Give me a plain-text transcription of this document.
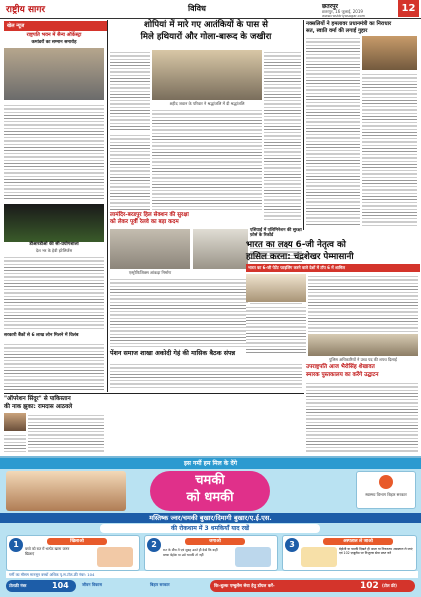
राष्ट्रीय सागर	विविध	छतरपुर
छतरपुर, 16 जुलाई, 2019
www.rashtriyasagar.com
12
खेल न्यूज
राष्ट्रपति भवन में सैन्य ऑर्केस्ट्रा
कमांडरों का सम्मान समारोह
डीआरडीओ की सी-प्रयोगशाला
देश भर के हेवी इंटेलिजेंस
सरकारी बैंकों से 6 लाख लोन मिलने में विलंब
शोपियां में मारे गए आतंकियों के पास से
मिले हथियारों और गोला-बारूद के जखीरा
शहीद जवान के परिवार ने श्रद्धांजलि में दी श्रद्धांजलि
लामंदिर-बरडपुर हिल सेक्शन की सुरक्षा
को लेकर पूर्वी रेलवे का बड़ा कदम
एस्ट्रोफिजिक्स आंकड़ा निर्माण
एशियाई में एलिमिनेशन की सुरक्षा फ़ोर्स के रिकॉर्ड
पेंशन समाज शाखा अकोदी गेहं की मासिक बैठक संपन्न
नक्सलियों ने हमलावर प्रधानमंत्री का निराधार
सत, स्वाति वर्मा की लगाई गुहार
भारत का लक्ष्य 6-जी नेतृत्व को
हासिल करना: चंद्रशेखर पेम्मासानी
भारत का 6-जी पेटेंट फाइलिंग करने वाले देशों में टॉप 6 में शामिल
पुलिस अधिकारियों ने उच्च पद की शपथ दिलाई
उपराष्ट्रपति आज भैरोसिंह शेखावत
स्मारक पुस्तकालय का करेंगे उद्घाटन
"ऑपरेशन सिंदूर" से पाकिस्तान
की नाक झुका: रामदास आठवले
इस गर्मी हम मिल के देंगे
चमकी
को धमकी	स्वास्थ्य विभाग बिहार सरकार
मस्तिष्क ज्वर/चमकी बुखार/दिमागी बुखार/ए.ई.एस.
की रोकथाम में 3 धमकियाँ याद रखें
1	खिलाओ
बच्चे को रात में भरपेट खाना जरूर खिलाएं
2	जगाओ
रात के बीच में एवं सुबह उठते ही देखें कि कहीं बच्चा बेहोश या उसे चमकी तो नहीं
3	अस्पताल ले जाओ
बेहोशी या चमकी दिखते ही आशा या निकटतम अस्पताल ले जाएं एवं 102 एम्बुलेंस पर निःशुल्क सेवा प्राप्त करें
गर्मी का मौसम मानसून बच्चों अधिक पृ.स.टॉल-फ्री नंबर: 104
टोलफ्री नंबर	104	जीवन विकास	कि-शुल्क एम्बुलेंस सेवा हेतु डॉयल करें-	102 (टोल फ्री)
बिहार सरकार
